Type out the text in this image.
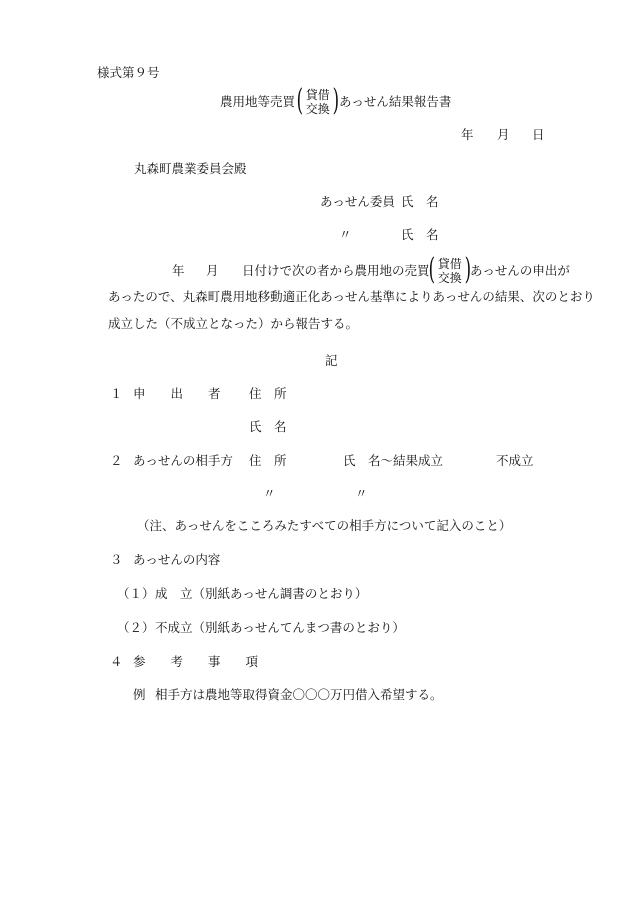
様式第９号
農用地等売買 ( 貸借
交換 ) あっせん結果報告書
年 月 日
丸森町農業委員会殿
あっせん委員 氏　名
〃	氏　名
年 月 日付けで次の者から農用地の売買 ( 貸借
交換 ) あっせんの申出が
あったので、丸森町農用地移動適正化あっせん基準によりあっせんの結果、次のとおり
成立した（不成立となった）から報告する。
記
１ 申　　出　　者 住　所
氏　名
２ あっせんの相手方 住　所	氏　名～結果成立	不成立
〃	〃
（注、あっせんをこころみたすべての相手方について記入のこと）
３ あっせんの内容
（１） 成　立（別紙あっせん調書のとおり）
（２） 不成立（別紙あっせんてんまつ書のとおり）
４ 参　　考　　事　　項
例 相手方は農地等取得資金〇〇〇万円借入希望する。
